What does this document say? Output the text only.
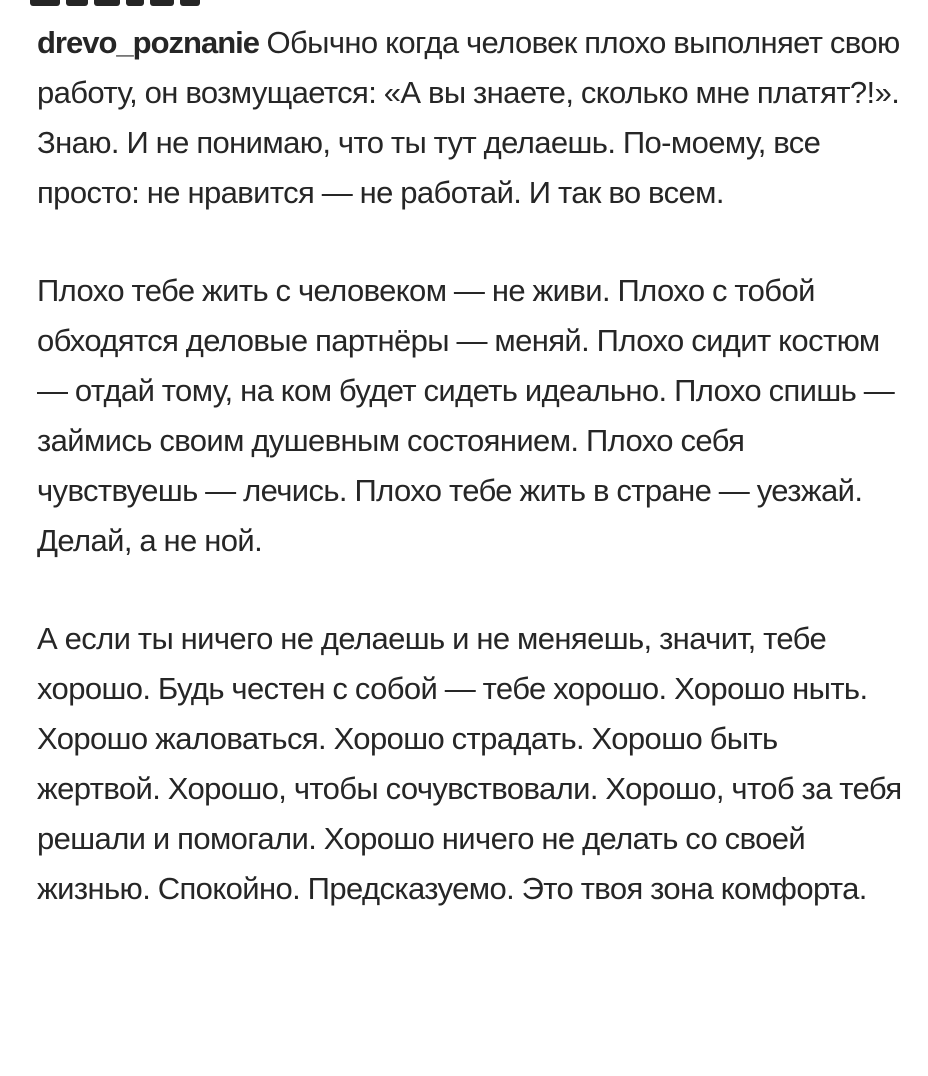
drevo_poznanie Обычно когда человек плохо выполняет свою работу, он возмущается: «А вы знаете, сколько мне платят?!». Знаю. И не понимаю, что ты тут делаешь. По-моему, все просто: не нравится — не работай. И так во всем.

Плохо тебе жить с человеком — не живи. Плохо с тобой обходятся деловые партнёры — меняй. Плохо сидит костюм — отдай тому, на ком будет сидеть идеально. Плохо спишь — займись своим душевным состоянием. Плохо себя чувствуешь — лечись. Плохо тебе жить в стране — уезжай. Делай, а не ной.

А если ты ничего не делаешь и не меняешь, значит, тебе хорошо. Будь честен с собой — тебе хорошо. Хорошо ныть. Хорошо жаловаться. Хорошо страдать. Хорошо быть жертвой. Хорошо, чтобы сочувствовали. Хорошо, чтоб за тебя решали и помогали. Хорошо ничего не делать со своей жизнью. Спокойно. Предсказуемо. Это твоя зона комфорта.
